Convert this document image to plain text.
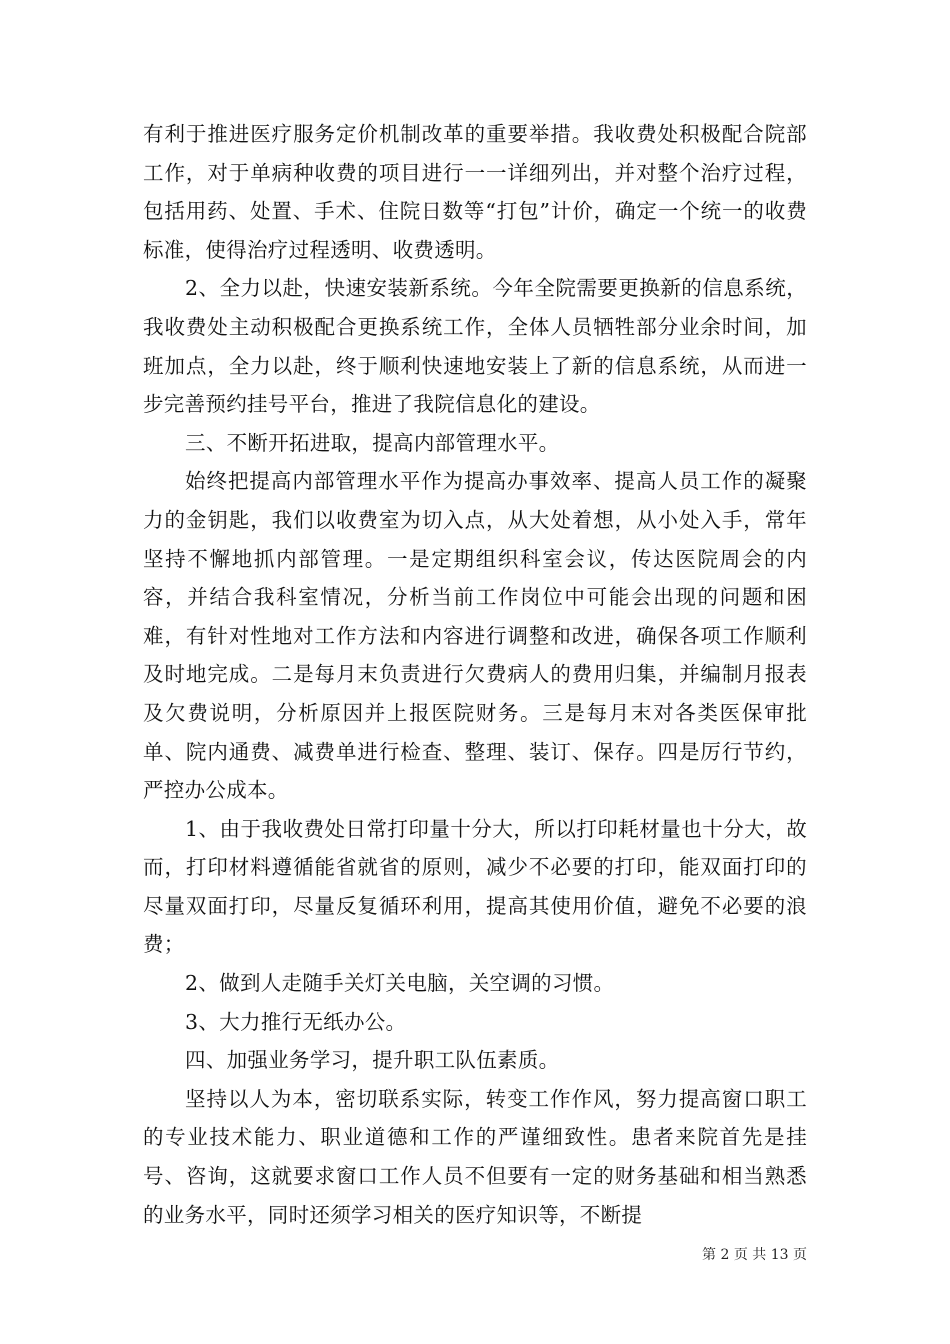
有利于推进医疗服务定价机制改革的重要举措。我收费处积极配合院部工作，对于单病种收费的项目进行一一详细列出，并对整个治疗过程，包括用药、处置、手术、住院日数等“打包”计价，确定一个统一的收费标准，使得治疗过程透明、收费透明。

2、全力以赴，快速安装新系统。今年全院需要更换新的信息系统，我收费处主动积极配合更换系统工作，全体人员牺牲部分业余时间，加班加点，全力以赴，终于顺利快速地安装上了新的信息系统，从而进一步完善预约挂号平台，推进了我院信息化的建设。

三、不断开拓进取，提高内部管理水平。

始终把提高内部管理水平作为提高办事效率、提高人员工作的凝聚力的金钥匙，我们以收费室为切入点，从大处着想，从小处入手，常年坚持不懈地抓内部管理。一是定期组织科室会议，传达医院周会的内容，并结合我科室情况，分析当前工作岗位中可能会出现的问题和困难，有针对性地对工作方法和内容进行调整和改进，确保各项工作顺利及时地完成。二是每月末负责进行欠费病人的费用归集，并编制月报表及欠费说明，分析原因并上报医院财务。三是每月末对各类医保审批单、院内通费、减费单进行检查、整理、装订、保存。四是厉行节约，严控办公成本。

1、由于我收费处日常打印量十分大，所以打印耗材量也十分大，故而，打印材料遵循能省就省的原则，减少不必要的打印，能双面打印的尽量双面打印，尽量反复循环利用，提高其使用价值，避免不必要的浪费；

2、做到人走随手关灯关电脑，关空调的习惯。

3、大力推行无纸办公。

四、加强业务学习，提升职工队伍素质。

坚持以人为本，密切联系实际，转变工作作风，努力提高窗口职工的专业技术能力、职业道德和工作的严谨细致性。患者来院首先是挂号、咨询，这就要求窗口工作人员不但要有一定的财务基础和相当熟悉的业务水平，同时还须学习相关的医疗知识等，不断提

第 2 页 共 13 页
